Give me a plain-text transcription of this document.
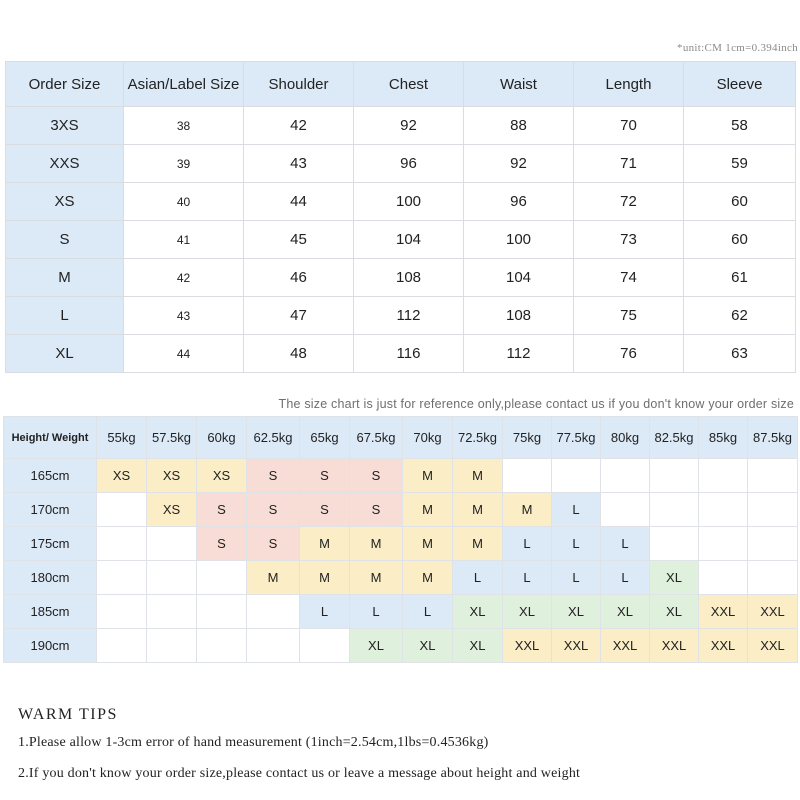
*unit:CM 1cm=0.394inch
Order Size	Asian/Label Size	Shoulder	Chest	Waist	Length	Sleeve
3XS	38	42	92	88	70	58
XXS	39	43	96	92	71	59
XS	40	44	100	96	72	60
S	41	45	104	100	73	60
M	42	46	108	104	74	61
L	43	47	112	108	75	62
XL	44	48	116	112	76	63
The size chart is just for reference only,please contact us if you don't know your order size
Height/ Weight	55kg	57.5kg	60kg	62.5kg	65kg	67.5kg	70kg	72.5kg	75kg	77.5kg	80kg	82.5kg	85kg	87.5kg
165cm	XS	XS	XS	S	S	S	M	M						
170cm		XS	S	S	S	S	M	M	M	L				
175cm			S	S	M	M	M	M	L	L	L			
180cm				M	M	M	M	L	L	L	L	XL		
185cm					L	L	L	XL	XL	XL	XL	XL	XXL	XXL
190cm						XL	XL	XL	XXL	XXL	XXL	XXL	XXL	XXL
WARM TIPS
1.Please allow 1-3cm error of hand measurement (1inch=2.54cm,1lbs=0.4536kg)
2.If you don't know your order size,please contact us or leave a message about height and weight
